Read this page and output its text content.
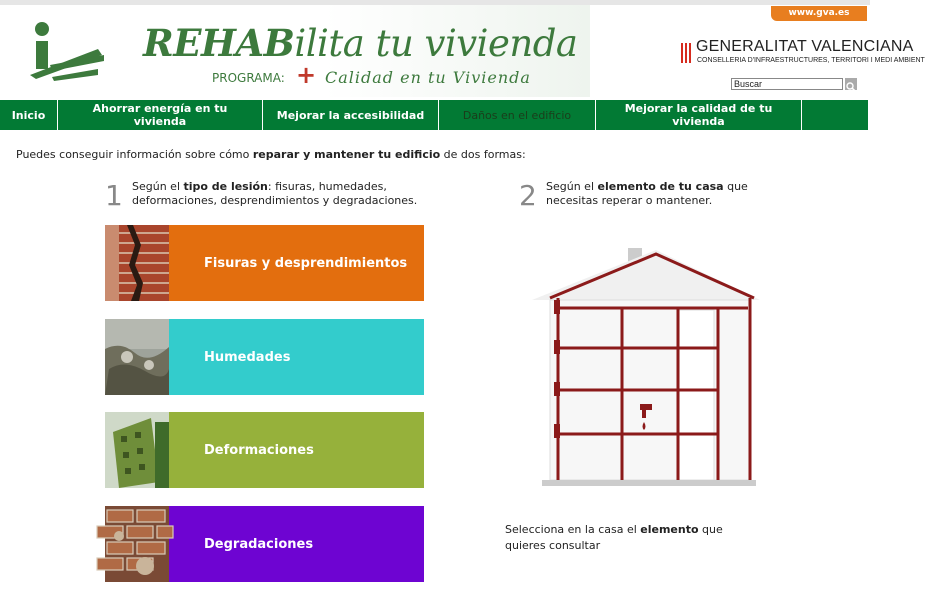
www.gva.es
REHABilita tu vivienda
PROGRAMA: + Calidad en tu Vivienda
GENERALITAT VALENCIANA
CONSELLERIA D'INFRAESTRUCTURES, TERRITORI I MEDI AMBIENT
Buscar
Inicio	Ahorrar energía en tu vivienda	Mejorar la accesibilidad	Daños en el edificio	Mejorar la calidad de tu vivienda
Puedes conseguir información sobre cómo reparar y mantener tu edificio de dos formas:
1 Según el tipo de lesión: fisuras, humedades,
deformaciones, desprendimientos y degradaciones.	2 Según el elemento de tu casa que
necesitas reperar o mantener.
Fisuras y desprendimientos
Humedades
Deformaciones
Degradaciones
Selecciona en la casa el elemento que
quieres consultar
